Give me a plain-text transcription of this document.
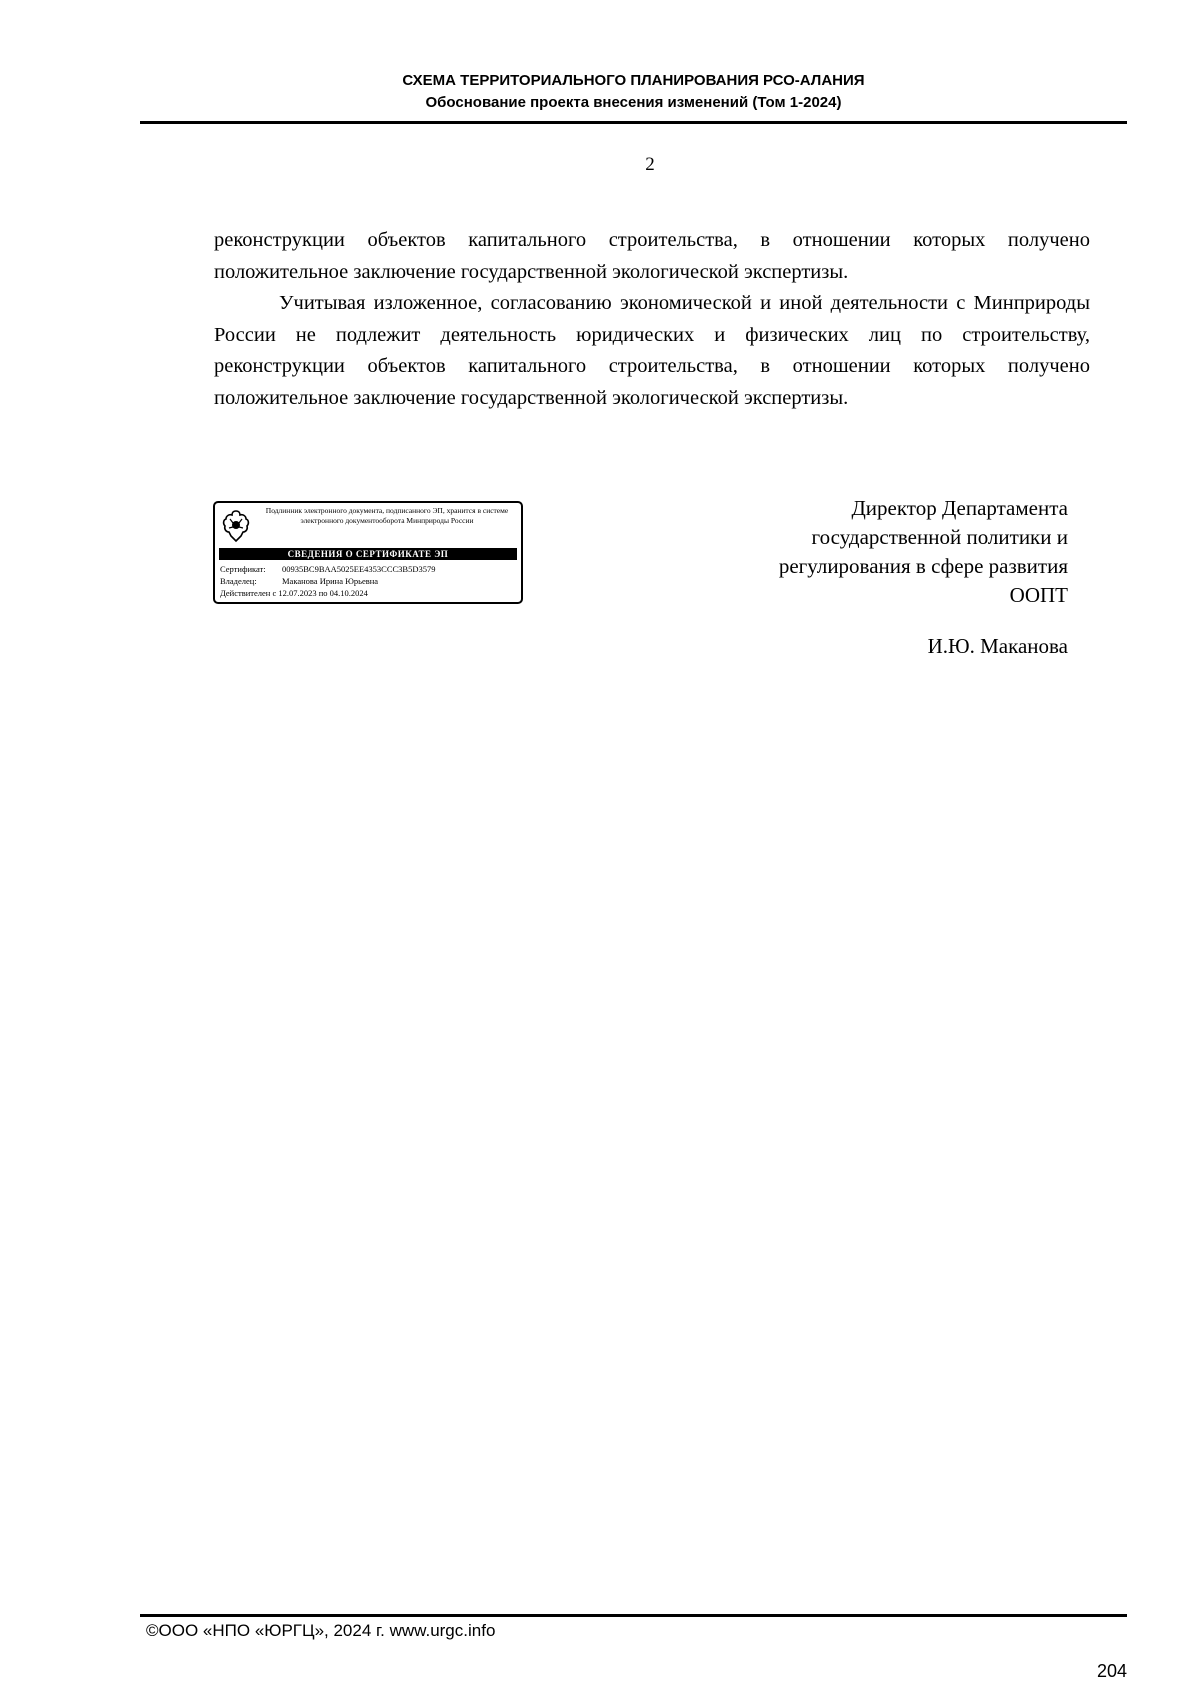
СХЕМА ТЕРРИТОРИАЛЬНОГО ПЛАНИРОВАНИЯ РСО-АЛАНИЯ
Обоснование проекта внесения изменений (Том 1-2024)
2

реконструкции объектов капитального строительства, в отношении которых получено положительное заключение государственной экологической экспертизы.

Учитывая изложенное, согласованию экономической и иной деятельности с Минприроды России не подлежит деятельность юридических и физических лиц по строительству, реконструкции объектов капитального строительства, в отношении которых получено положительное заключение государственной экологической экспертизы.

Подлинник электронного документа, подписанного ЭП, хранится в системе электронного документооборота Минприроды России
СВЕДЕНИЯ О СЕРТИФИКАТЕ ЭП
Сертификат: 00935BC9BAA5025EE4353CCC3B5D3579
Владелец:	Маканова Ирина Юрьевна
Действителен с 12.07.2023 по 04.10.2024
Директор Департамента
государственной политики и
регулирования в сфере развития
ООПТ
И.Ю. Маканова
©ООО «НПО «ЮРГЦ», 2024 г. www.urgc.info
204
